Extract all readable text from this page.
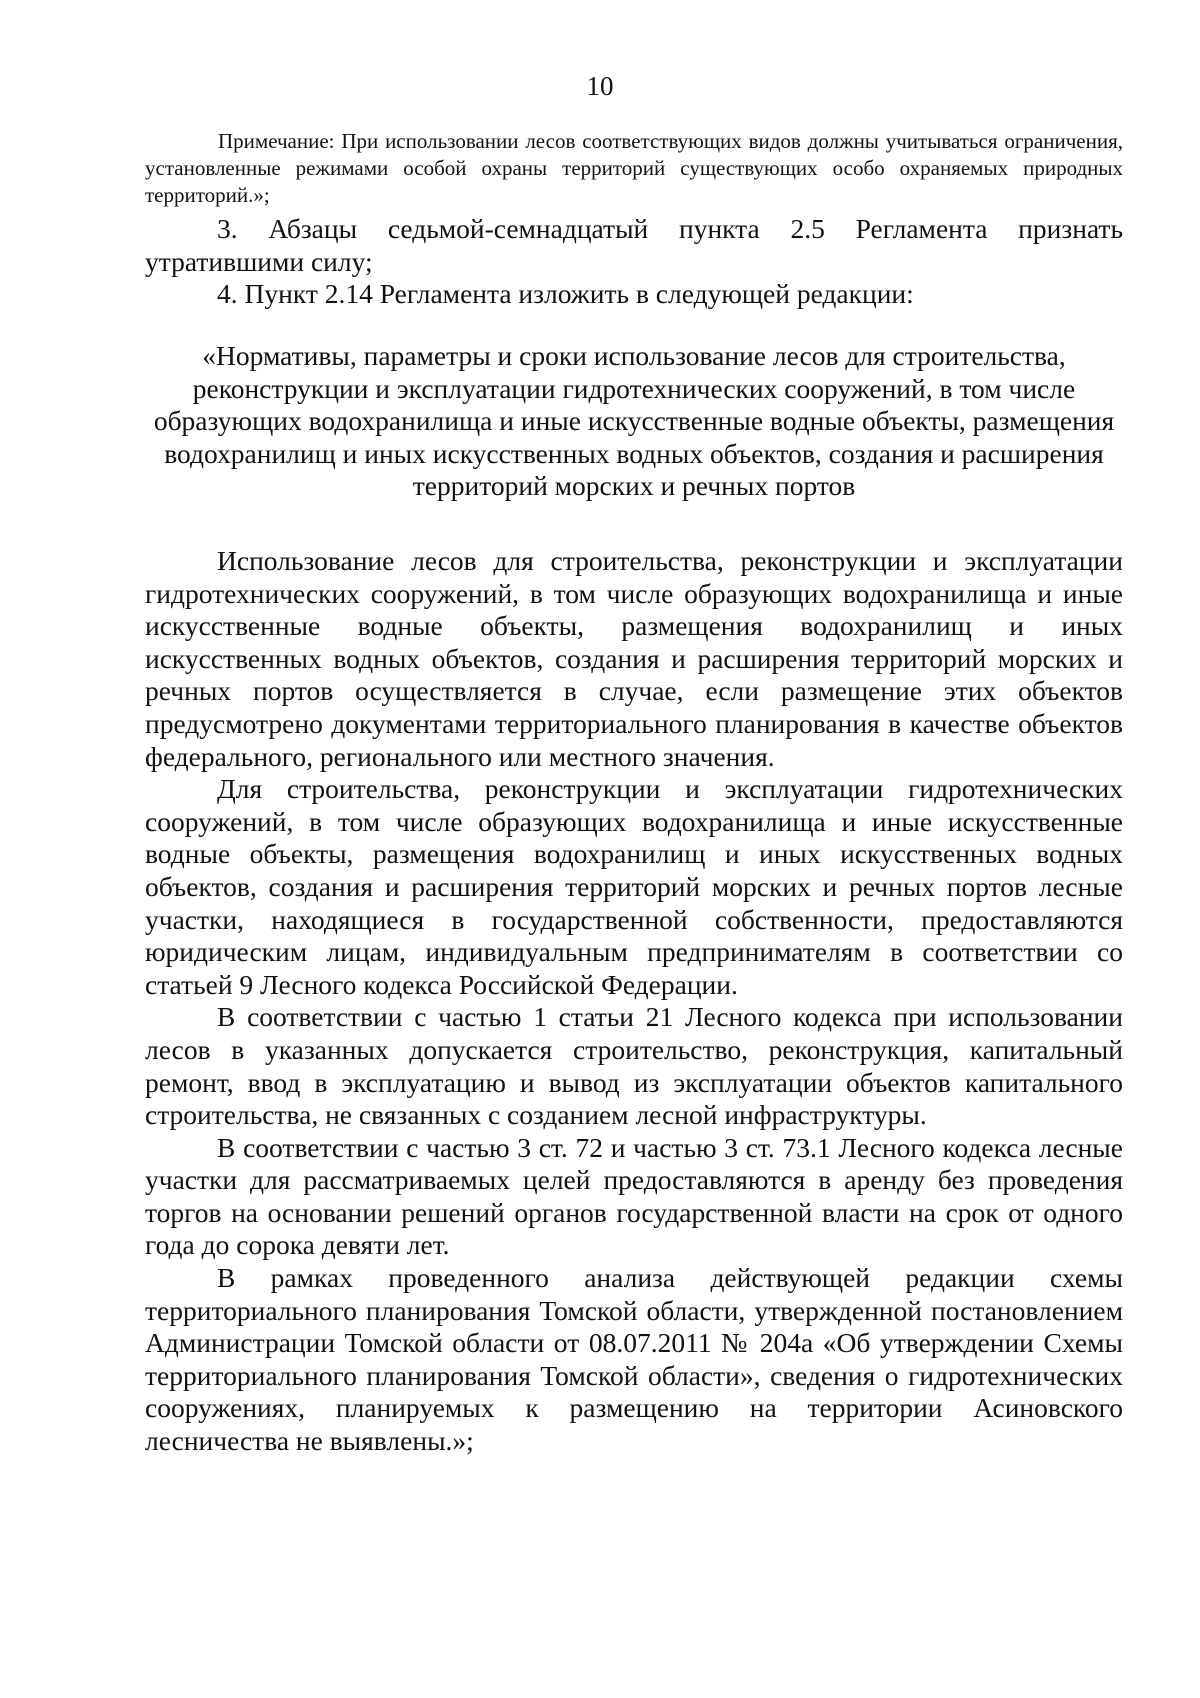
10

Примечание: При использовании лесов соответствующих видов должны учитываться ограничения, установленные режимами особой охраны территорий существующих особо охраняемых природных территорий.»;

3. Абзацы седьмой-семнадцатый пункта 2.5 Регламента признать утратившими силу;

4. Пункт 2.14 Регламента изложить в следующей редакции:

«Нормативы, параметры и сроки использование лесов для строительства, реконструкции и эксплуатации гидротехнических сооружений, в том числе образующих водохранилища и иные искусственные водные объекты, размещения водохранилищ и иных искусственных водных объектов, создания и расширения территорий морских и речных портов

Использование лесов для строительства, реконструкции и эксплуатации гидротехнических сооружений, в том числе образующих водохранилища и иные искусственные водные объекты, размещения водохранилищ и иных искусственных водных объектов, создания и расширения территорий морских и речных портов осуществляется в случае, если размещение этих объектов предусмотрено документами территориального планирования в качестве объектов федерального, регионального или местного значения.

Для строительства, реконструкции и эксплуатации гидротехнических сооружений, в том числе образующих водохранилища и иные искусственные водные объекты, размещения водохранилищ и иных искусственных водных объектов, создания и расширения территорий морских и речных портов лесные участки, находящиеся в государственной собственности, предоставляются юридическим лицам, индивидуальным предпринимателям в соответствии со статьей 9 Лесного кодекса Российской Федерации.

В соответствии с частью 1 статьи 21 Лесного кодекса при использовании лесов в указанных допускается строительство, реконструкция, капитальный ремонт, ввод в эксплуатацию и вывод из эксплуатации объектов капитального строительства, не связанных с созданием лесной инфраструктуры.

В соответствии с частью 3 ст. 72 и частью 3 ст. 73.1 Лесного кодекса лесные участки для рассматриваемых целей предоставляются в аренду без проведения торгов на основании решений органов государственной власти на срок от одного года до сорока девяти лет.

В рамках проведенного анализа действующей редакции схемы территориального планирования Томской области, утвержденной постановлением Администрации Томской области от 08.07.2011 № 204а «Об утверждении Схемы территориального планирования Томской области», сведения о гидротехнических сооружениях, планируемых к размещению на территории Асиновского лесничества не выявлены.»;
